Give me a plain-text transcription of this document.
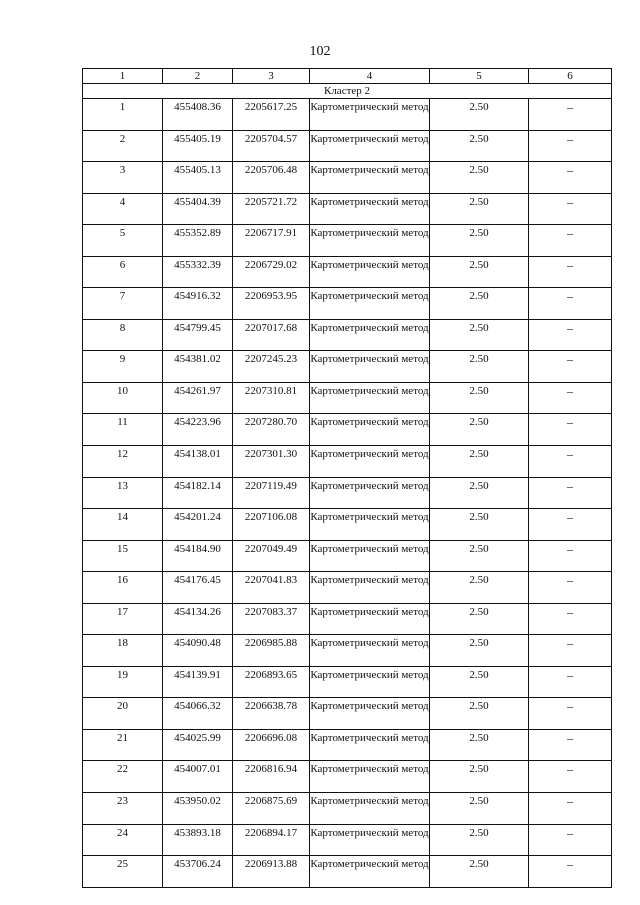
102
1	2	3	4	5	6
Кластер 2					
1	455408.36	2205617.25	Картометрический метод	2.50	–
2	455405.19	2205704.57	Картометрический метод	2.50	–
3	455405.13	2205706.48	Картометрический метод	2.50	–
4	455404.39	2205721.72	Картометрический метод	2.50	–
5	455352.89	2206717.91	Картометрический метод	2.50	–
6	455332.39	2206729.02	Картометрический метод	2.50	–
7	454916.32	2206953.95	Картометрический метод	2.50	–
8	454799.45	2207017.68	Картометрический метод	2.50	–
9	454381.02	2207245.23	Картометрический метод	2.50	–
10	454261.97	2207310.81	Картометрический метод	2.50	–
11	454223.96	2207280.70	Картометрический метод	2.50	–
12	454138.01	2207301.30	Картометрический метод	2.50	–
13	454182.14	2207119.49	Картометрический метод	2.50	–
14	454201.24	2207106.08	Картометрический метод	2.50	–
15	454184.90	2207049.49	Картометрический метод	2.50	–
16	454176.45	2207041.83	Картометрический метод	2.50	–
17	454134.26	2207083.37	Картометрический метод	2.50	–
18	454090.48	2206985.88	Картометрический метод	2.50	–
19	454139.91	2206893.65	Картометрический метод	2.50	–
20	454066.32	2206638.78	Картометрический метод	2.50	–
21	454025.99	2206696.08	Картометрический метод	2.50	–
22	454007.01	2206816.94	Картометрический метод	2.50	–
23	453950.02	2206875.69	Картометрический метод	2.50	–
24	453893.18	2206894.17	Картометрический метод	2.50	–
25	453706.24	2206913.88	Картометрический метод	2.50	–
